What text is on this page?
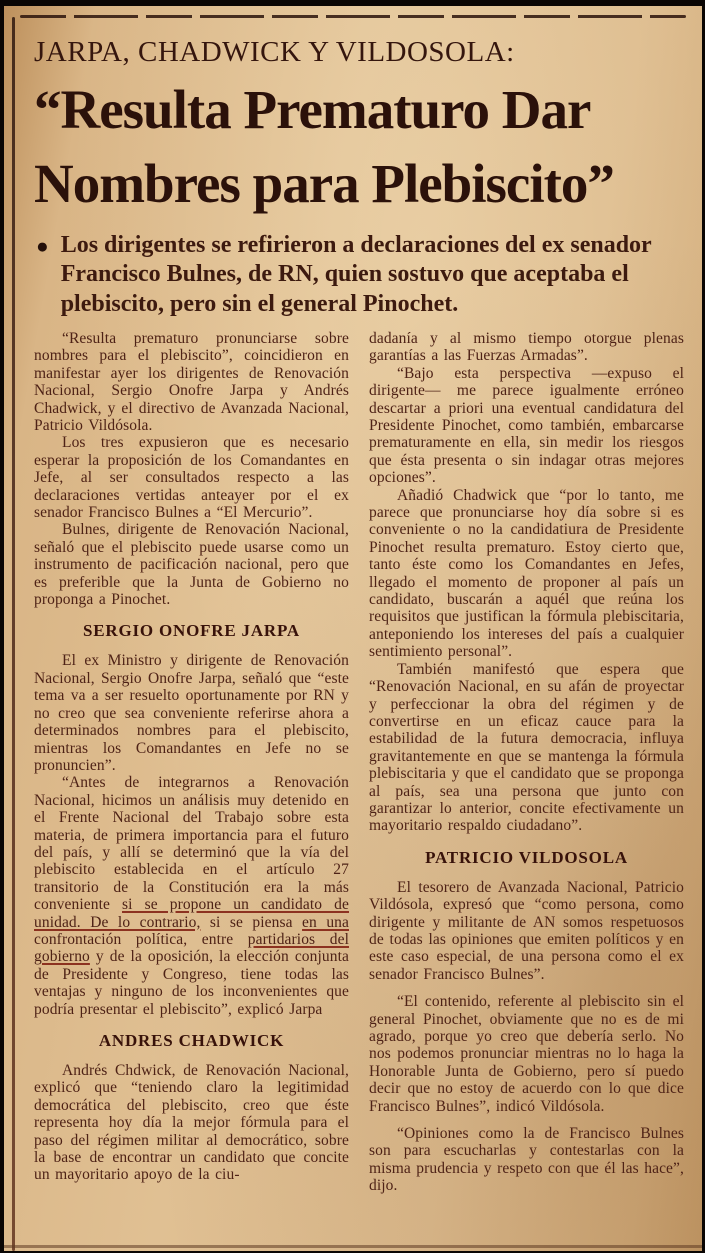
JARPA, CHADWICK Y VILDOSOLA:
“Resulta Prematuro Dar
Nombres para Plebiscito”
● Los dirigentes se refirieron a declaraciones del ex senador Francisco Bulnes, de RN, quien sostuvo que aceptaba el plebiscito, pero sin el general Pinochet.

“Resulta prematuro pronunciarse sobre nombres para el plebiscito”, coincidieron en manifestar ayer los dirigentes de Renovación Nacional, Sergio Onofre Jarpa y Andrés Chadwick, y el directivo de Avanzada Nacional, Patricio Vildósola.

Los tres expusieron que es necesario esperar la proposición de los Comandantes en Jefe, al ser consultados respecto a las declaraciones vertidas anteayer por el ex senador Francisco Bulnes a “El Mercurio”.

Bulnes, dirigente de Renovación Nacional, señaló que el plebiscito puede usarse como un instrumento de pacificación nacional, pero que es preferible que la Junta de Gobierno no proponga a Pinochet.

SERGIO ONOFRE JARPA

El ex Ministro y dirigente de Renovación Nacional, Sergio Onofre Jarpa, señaló que “este tema va a ser resuelto oportunamente por RN y no creo que sea conveniente referirse ahora a determinados nombres para el plebiscito, mientras los Comandantes en Jefe no se pronuncien”.

“Antes de integrarnos a Renovación Nacional, hicimos un análisis muy detenido en el Frente Nacional del Trabajo sobre esta materia, de primera importancia para el futuro del país, y allí se determinó que la vía del plebiscito establecida en el artículo 27 transitorio de la Constitución era la más conveniente si se propone un candidato de unidad. De lo contrario, si se piensa en una confrontación política, entre partidarios del gobierno y de la oposición, la elección conjunta de Presidente y Congreso, tiene todas las ventajas y ninguno de los inconvenientes que podría presentar el plebiscito”, explicó Jarpa

ANDRES CHADWICK

Andrés Chdwick, de Renovación Nacional, explicó que “teniendo claro la legitimidad democrática del plebiscito, creo que éste representa hoy día la mejor fórmula para el paso del régimen militar al democrático, sobre la base de encontrar un candidato que concite un mayoritario apoyo de la ciu-

dadanía y al mismo tiempo otorgue plenas garantías a las Fuerzas Armadas”.

“Bajo esta perspectiva —expuso el dirigente— me parece igualmente erróneo descartar a priori una eventual candidatura del Presidente Pinochet, como también, embarcarse prematuramente en ella, sin medir los riesgos que ésta presenta o sin indagar otras mejores opciones”.

Añadió Chadwick que “por lo tanto, me parece que pronunciarse hoy día sobre si es conveniente o no la candidatiura de Presidente Pinochet resulta prematuro. Estoy cierto que, tanto éste como los Comandantes en Jefes, llegado el momento de proponer al país un candidato, buscarán a aquél que reúna los requisitos que justifican la fórmula plebiscitaria, anteponiendo los intereses del país a cualquier sentimiento personal”.

También manifestó que espera que “Renovación Nacional, en su afán de proyectar y perfeccionar la obra del régimen y de convertirse en un eficaz cauce para la estabilidad de la futura democracia, influya gravitantemente en que se mantenga la fórmula plebiscitaria y que el candidato que se proponga al país, sea una persona que junto con garantizar lo anterior, concite efectivamente un mayoritario respaldo ciudadano”.

PATRICIO VILDOSOLA

El tesorero de Avanzada Nacional, Patricio Vildósola, expresó que “como persona, como dirigente y militante de AN somos respetuosos de todas las opiniones que emiten políticos y en este caso especial, de una persona como el ex senador Francisco Bulnes”.

“El contenido, referente al plebiscito sin el general Pinochet, obviamente que no es de mi agrado, porque yo creo que debería serlo. No nos podemos pronunciar mientras no lo haga la Honorable Junta de Gobierno, pero sí puedo decir que no estoy de acuerdo con lo que dice Francisco Bulnes”, indicó Vildósola.

“Opiniones como la de Francisco Bulnes son para escucharlas y contestarlas con la misma prudencia y respeto con que él las hace”, dijo.
